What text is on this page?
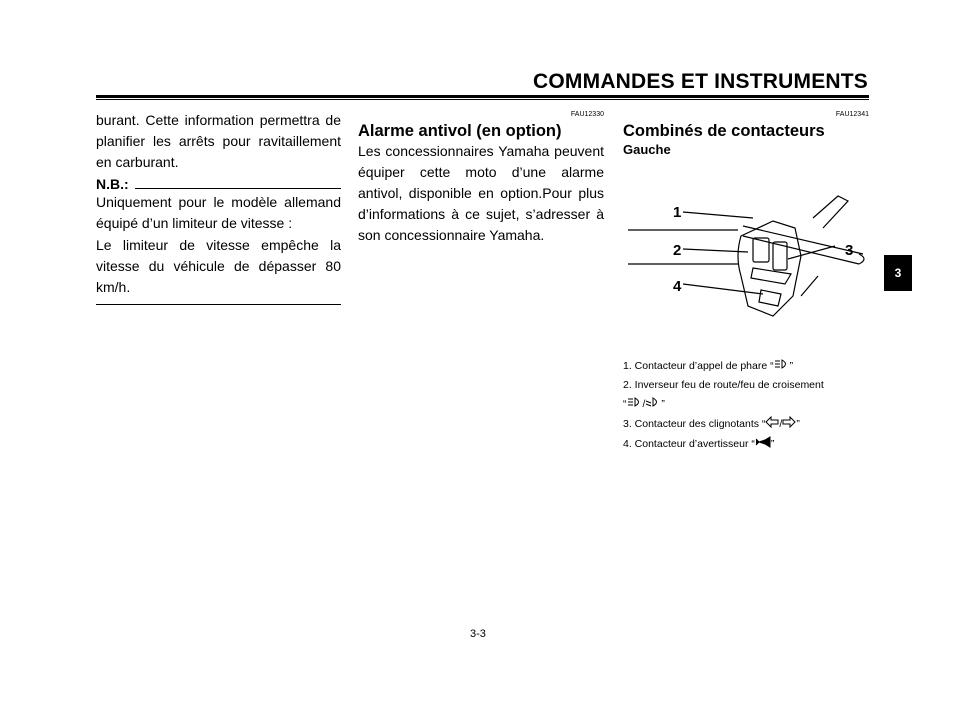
COMMANDES ET INSTRUMENTS
3
burant. Cette information permettra de planifier les arrêts pour ravitaillement en carburant.
N.B.:
Uniquement pour le modèle allemand équipé d’un limiteur de vitesse :
Le limiteur de vitesse empêche la vitesse du véhicule de dépasser 80 km/h.
FAU12330
Alarme antivol (en option)
Les concessionnaires Yamaha peuvent équiper cette moto d’une alarme antivol, disponible en option.Pour plus d’informations à ce sujet, s’adresser à son concessionnaire Yamaha.
FAU12341
Combinés de contacteurs
Gauche
1
2	3
4
1. Contacteur d’appel de phare “ ”
2. Inverseur feu de route/feu de croisement
“ / ”
3. Contacteur des clignotants “ / ”
4. Contacteur d’avertisseur “ ”
3-3
